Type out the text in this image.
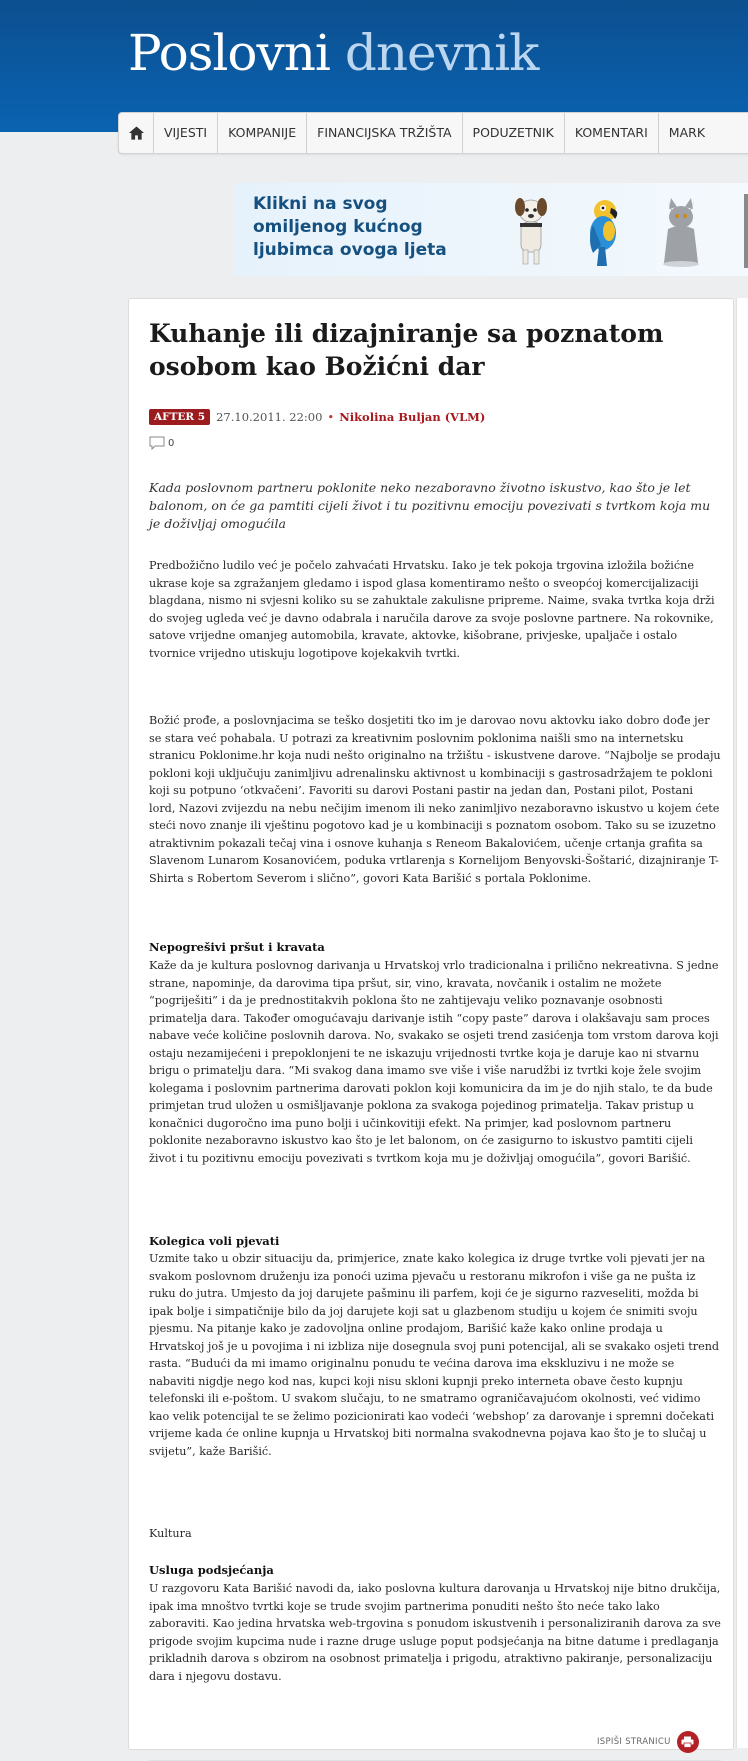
Poslovni dnevnik
VIJESTI	KOMPANIJE	FINANCIJSKA TRŽIŠTA	PODUZETNIK	KOMENTARI	MARK
Klikni na svog omiljenog kućnog ljubimca ovoga ljeta
Kuhanje ili dizajniranje sa poznatom osobom kao Božićni dar
AFTER 5 27.10.2011. 22:00 • Nikolina Buljan (VLM)
0

Kada poslovnom partneru poklonite neko nezaboravno životno iskustvo, kao što je let balonom, on će ga pamtiti cijeli život i tu pozitivnu emociju povezivati s tvrtkom koja mu je doživljaj omogućila

Predbožično ludilo već je počelo zahvaćati Hrvatsku. Iako je tek pokoja trgovina izložila božićne ukrase koje sa zgražanjem gledamo i ispod glasa komentiramo nešto o sveopćoj komercijalizaciji blagdana, nismo ni svjesni koliko su se zahuktale zakulisne pripreme. Naime, svaka tvrtka koja drži do svojeg ugleda već je davno odabrala i naručila darove za svoje poslovne partnere. Na rokovnike, satove vrijedne omanjeg automobila, kravate, aktovke, kišobrane, privjeske, upaljače i ostalo tvornice vrijedno utiskuju logotipove kojekakvih tvrtki.

Božić prođe, a poslovnjacima se teško dosjetiti tko im je darovao novu aktovku iako dobro dođe jer se stara već pohabala. U potrazi za kreativnim poslovnim poklonima naišli smo na internetsku stranicu Poklonime.hr koja nudi nešto originalno na tržištu - iskustvene darove. “Najbolje se prodaju pokloni koji uključuju zanimljivu adrenalinsku aktivnost u kombinaciji s gastrosadržajem te pokloni koji su potpuno ‘otkvačeni’. Favoriti su darovi Postani pastir na jedan dan, Postani pilot, Postani lord, Nazovi zvijezdu na nebu nečijim imenom ili neko zanimljivo nezaboravno iskustvo u kojem ćete steći novo znanje ili vještinu pogotovo kad je u kombinaciji s poznatom osobom. Tako su se izuzetno atraktivnim pokazali tečaj vina i osnove kuhanja s Reneom Bakalovićem, učenje crtanja grafita sa Slavenom Lunarom Kosanovićem, poduka vrtlarenja s Kornelijom Benyovski-Šoštarić, dizajniranje T-Shirta s Robertom Severom i slično”, govori Kata Barišić s portala Poklonime.

Nepogrešivi pršut i kravata

Kaže da je kultura poslovnog darivanja u Hrvatskoj vrlo tradicionalna i prilično nekreativna. S jedne strane, napominje, da darovima tipa pršut, sir, vino, kravata, novčanik i ostalim ne možete “pogriješiti” i da je prednostitakvih poklona što ne zahtijevaju veliko poznavanje osobnosti primatelja dara. Također omogućavaju darivanje istih “copy paste” darova i olakšavaju sam proces nabave veće količine poslovnih darova. No, svakako se osjeti trend zasićenja tom vrstom darova koji ostaju nezamijećeni i prepoklonjeni te ne iskazuju vrijednosti tvrtke koja je daruje kao ni stvarnu brigu o primatelju dara. “Mi svakog dana imamo sve više i više narudžbi iz tvrtki koje žele svojim kolegama i poslovnim partnerima darovati poklon koji komunicira da im je do njih stalo, te da bude primjetan trud uložen u osmišljavanje poklona za svakoga pojedinog primatelja. Takav pristup u konačnici dugoročno ima puno bolji i učinkovitiji efekt. Na primjer, kad poslovnom partneru poklonite nezaboravno iskustvo kao što je let balonom, on će zasigurno to iskustvo pamtiti cijeli život i tu pozitivnu emociju povezivati s tvrtkom koja mu je doživljaj omogućila”, govori Barišić.

Kolegica voli pjevati

Uzmite tako u obzir situaciju da, primjerice, znate kako kolegica iz druge tvrtke voli pjevati jer na svakom poslovnom druženju iza ponoći uzima pjevaču u restoranu mikrofon i više ga ne pušta iz ruku do jutra. Umjesto da joj darujete pašminu ili parfem, koji će je sigurno razveseliti, možda bi ipak bolje i simpatičnije bilo da joj darujete koji sat u glazbenom studiju u kojem će snimiti svoju pjesmu. Na pitanje kako je zadovoljna online prodajom, Barišić kaže kako online prodaja u Hrvatskoj još je u povojima i ni izbliza nije dosegnula svoj puni potencijal, ali se svakako osjeti trend rasta. “Budući da mi imamo originalnu ponudu te većina darova ima ekskluzivu i ne može se nabaviti nigdje nego kod nas, kupci koji nisu skloni kupnji preko interneta obave često kupnju telefonski ili e-poštom. U svakom slučaju, to ne smatramo ograničavajućom okolnosti, već vidimo kao velik potencijal te se želimo pozicionirati kao vodeći ‘webshop’ za darovanje i spremni dočekati vrijeme kada će online kupnja u Hrvatskoj biti normalna svakodnevna pojava kao što je to slučaj u svijetu”, kaže Barišić.

Kultura

Usluga podsjećanja

U razgovoru Kata Barišić navodi da, iako poslovna kultura darovanja u Hrvatskoj nije bitno drukčija, ipak ima mnoštvo tvrtki koje se trude svojim partnerima ponuditi nešto što neće tako lako zaboraviti. Kao jedina hrvatska web-trgovina s ponudom iskustvenih i personaliziranih darova za sve prigode svojim kupcima nude i razne druge usluge poput podsjećanja na bitne datume i predlaganja prikladnih darova s obzirom na osobnost primatelja i prigodu, atraktivno pakiranje, personalizaciju dara i njegovu dostavu.

ISPIŠI STRANICU
